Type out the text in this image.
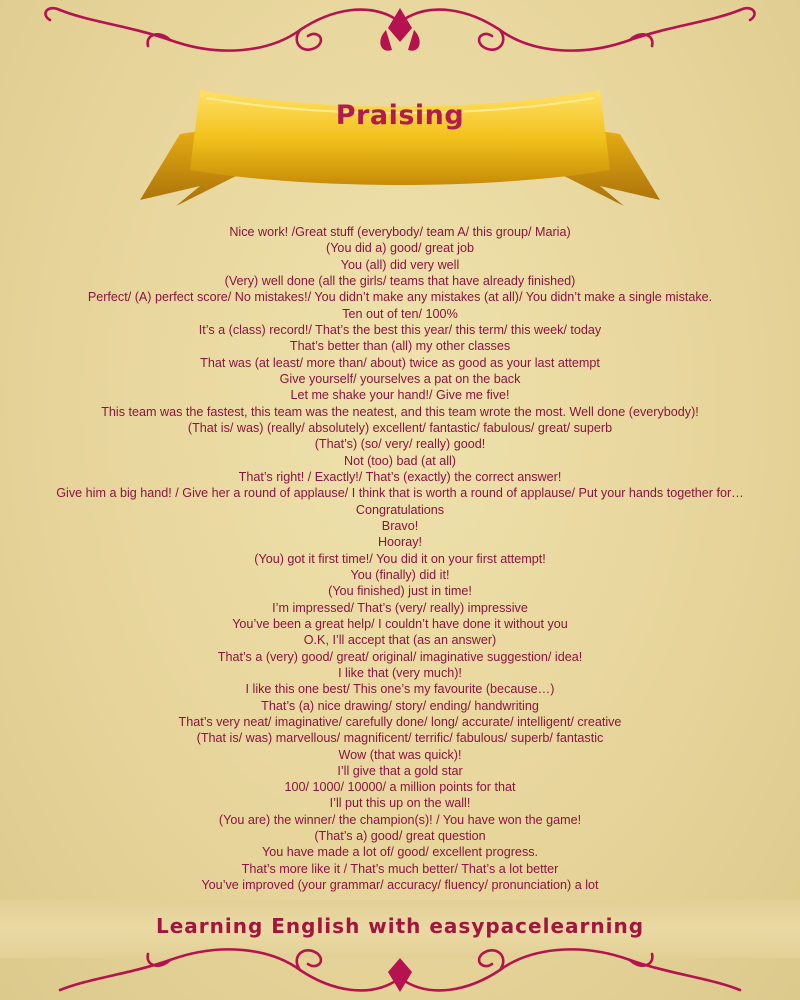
Praising
Nice work! /Great stuff (everybody/ team A/ this group/ Maria)
(You did a) good/ great job
You (all) did very well
(Very) well done (all the girls/ teams that have already finished)
Perfect/ (A) perfect score/ No mistakes!/ You didn’t make any mistakes (at all)/ You didn’t make a single mistake.
Ten out of ten/ 100%
It’s a (class) record!/ That’s the best this year/ this term/ this week/ today
That’s better than (all) my other classes
That was (at least/ more than/ about) twice as good as your last attempt
Give yourself/ yourselves a pat on the back
Let me shake your hand!/ Give me five!
This team was the fastest, this team was the neatest, and this team wrote the most. Well done (everybody)!
(That is/ was) (really/ absolutely) excellent/ fantastic/ fabulous/ great/ superb
(That’s) (so/ very/ really) good!
Not (too) bad (at all)
That’s right! / Exactly!/ That’s (exactly) the correct answer!
Give him a big hand! / Give her a round of applause/ I think that is worth a round of applause/ Put your hands together for…
Congratulations
Bravo!
Hooray!
(You) got it first time!/ You did it on your first attempt!
You (finally) did it!
(You finished) just in time!
I’m impressed/ That’s (very/ really) impressive
You’ve been a great help/ I couldn’t have done it without you
O.K, I’ll accept that (as an answer)
That’s a (very) good/ great/ original/ imaginative suggestion/ idea!
I like that (very much)!
I like this one best/ This one’s my favourite (because…)
That’s (a) nice drawing/ story/ ending/ handwriting
That’s very neat/ imaginative/ carefully done/ long/ accurate/ intelligent/ creative
(That is/ was) marvellous/ magnificent/ terrific/ fabulous/ superb/ fantastic
Wow (that was quick)!
I’ll give that a gold star
100/ 1000/ 10000/ a million points for that
I’ll put this up on the wall!
(You are) the winner/ the champion(s)! / You have won the game!
(That’s a) good/ great question
You have made a lot of/ good/ excellent progress.
That’s more like it / That’s much better/ That’s a lot better
You’ve improved (your grammar/ accuracy/ fluency/ pronunciation) a lot
Learning English with easypacelearning
